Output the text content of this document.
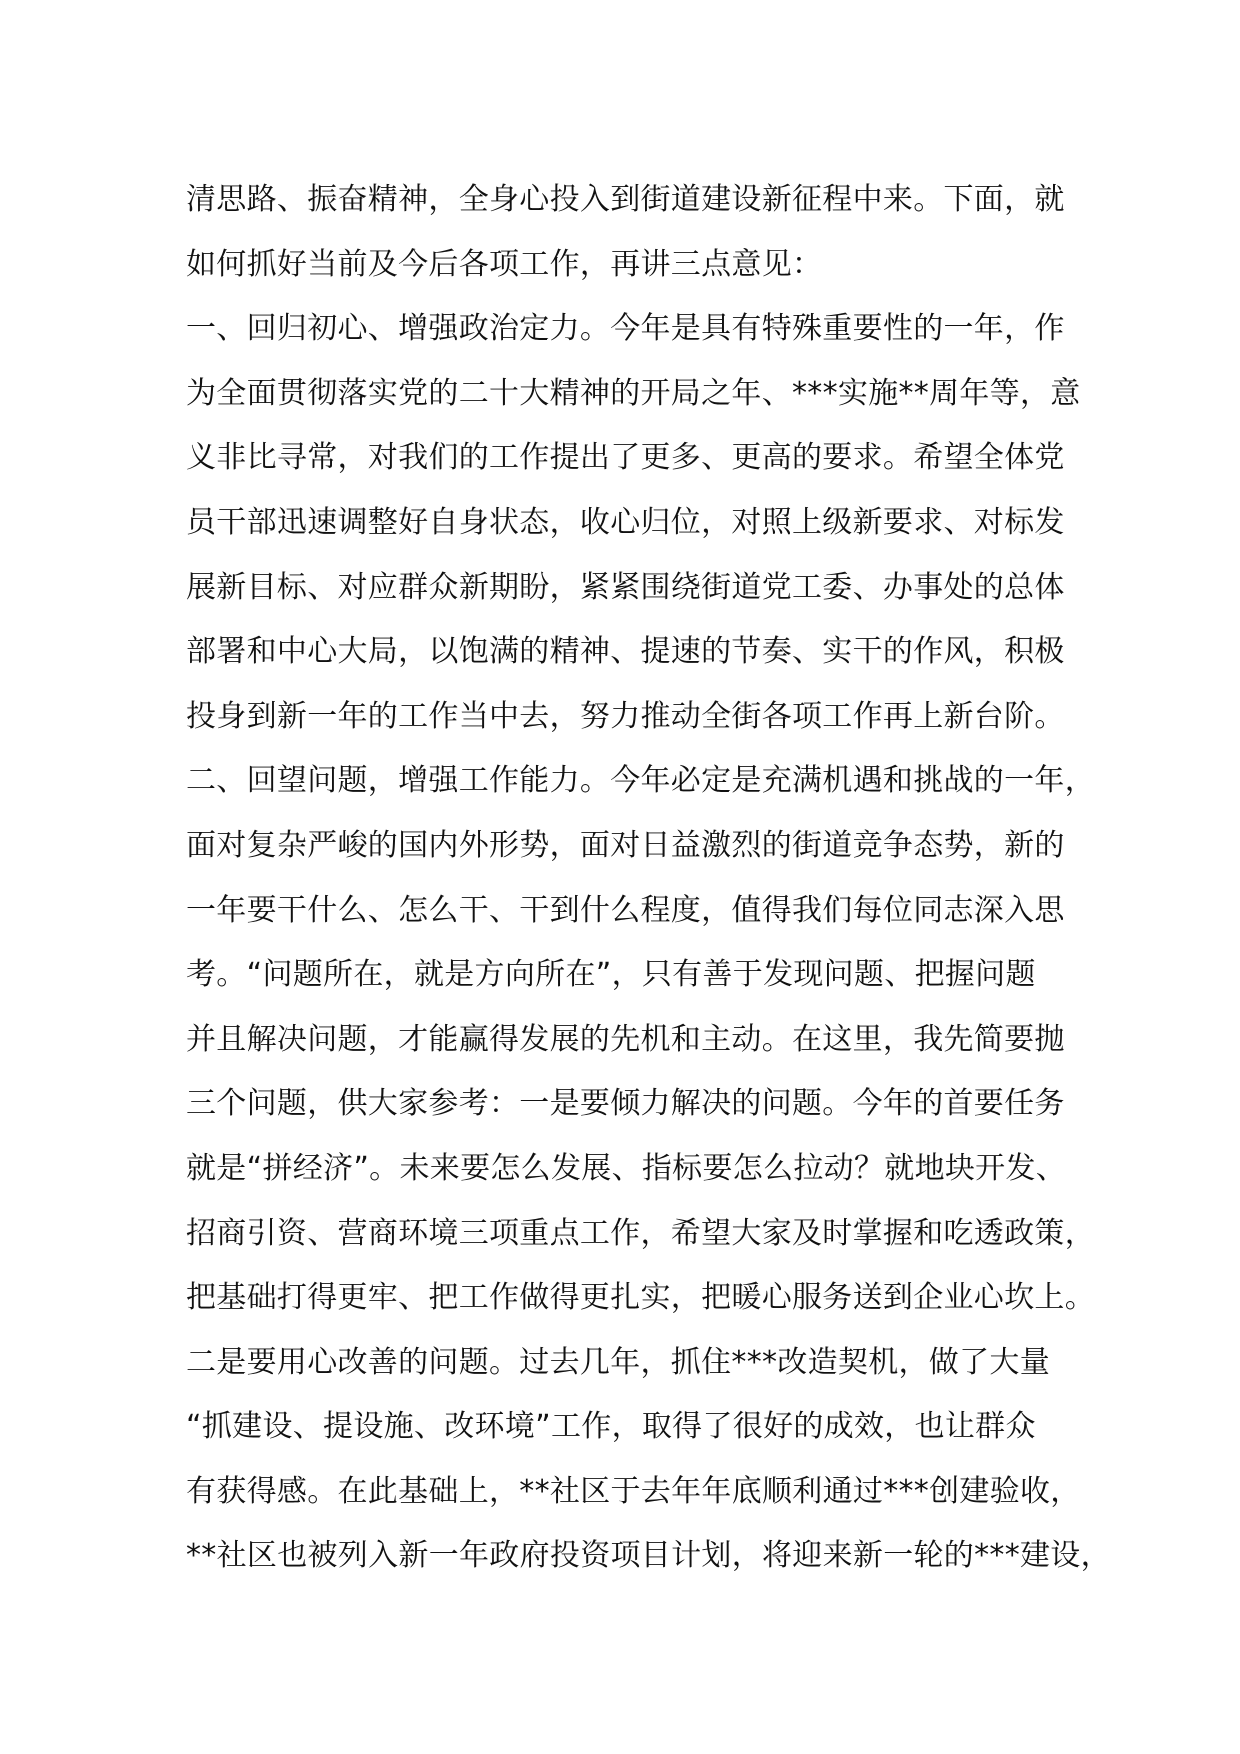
清思路、振奋精神，全身心投入到街道建设新征程中来。下面，就
如何抓好当前及今后各项工作，再讲三点意见：
一、回归初心、增强政治定力。今年是具有特殊重要性的一年，作
为全面贯彻落实党的二十大精神的开局之年、***实施**周年等，意
义非比寻常，对我们的工作提出了更多、更高的要求。希望全体党
员干部迅速调整好自身状态，收心归位，对照上级新要求、对标发
展新目标、对应群众新期盼，紧紧围绕街道党工委、办事处的总体
部署和中心大局，以饱满的精神、提速的节奏、实干的作风，积极
投身到新一年的工作当中去，努力推动全街各项工作再上新台阶。
二、回望问题，增强工作能力。今年必定是充满机遇和挑战的一年，
面对复杂严峻的国内外形势，面对日益激烈的街道竞争态势，新的
一年要干什么、怎么干、干到什么程度，值得我们每位同志深入思
考。“问题所在，就是方向所在”，只有善于发现问题、把握问题
并且解决问题，才能赢得发展的先机和主动。在这里，我先简要抛
三个问题，供大家参考：一是要倾力解决的问题。今年的首要任务
就是“拼经济”。未来要怎么发展、指标要怎么拉动？就地块开发、
招商引资、营商环境三项重点工作，希望大家及时掌握和吃透政策，
把基础打得更牢、把工作做得更扎实，把暖心服务送到企业心坎上。
二是要用心改善的问题。过去几年，抓住***改造契机，做了大量
“抓建设、提设施、改环境”工作，取得了很好的成效，也让群众
有获得感。在此基础上，**社区于去年年底顺利通过***创建验收，
**社区也被列入新一年政府投资项目计划，将迎来新一轮的***建设，
